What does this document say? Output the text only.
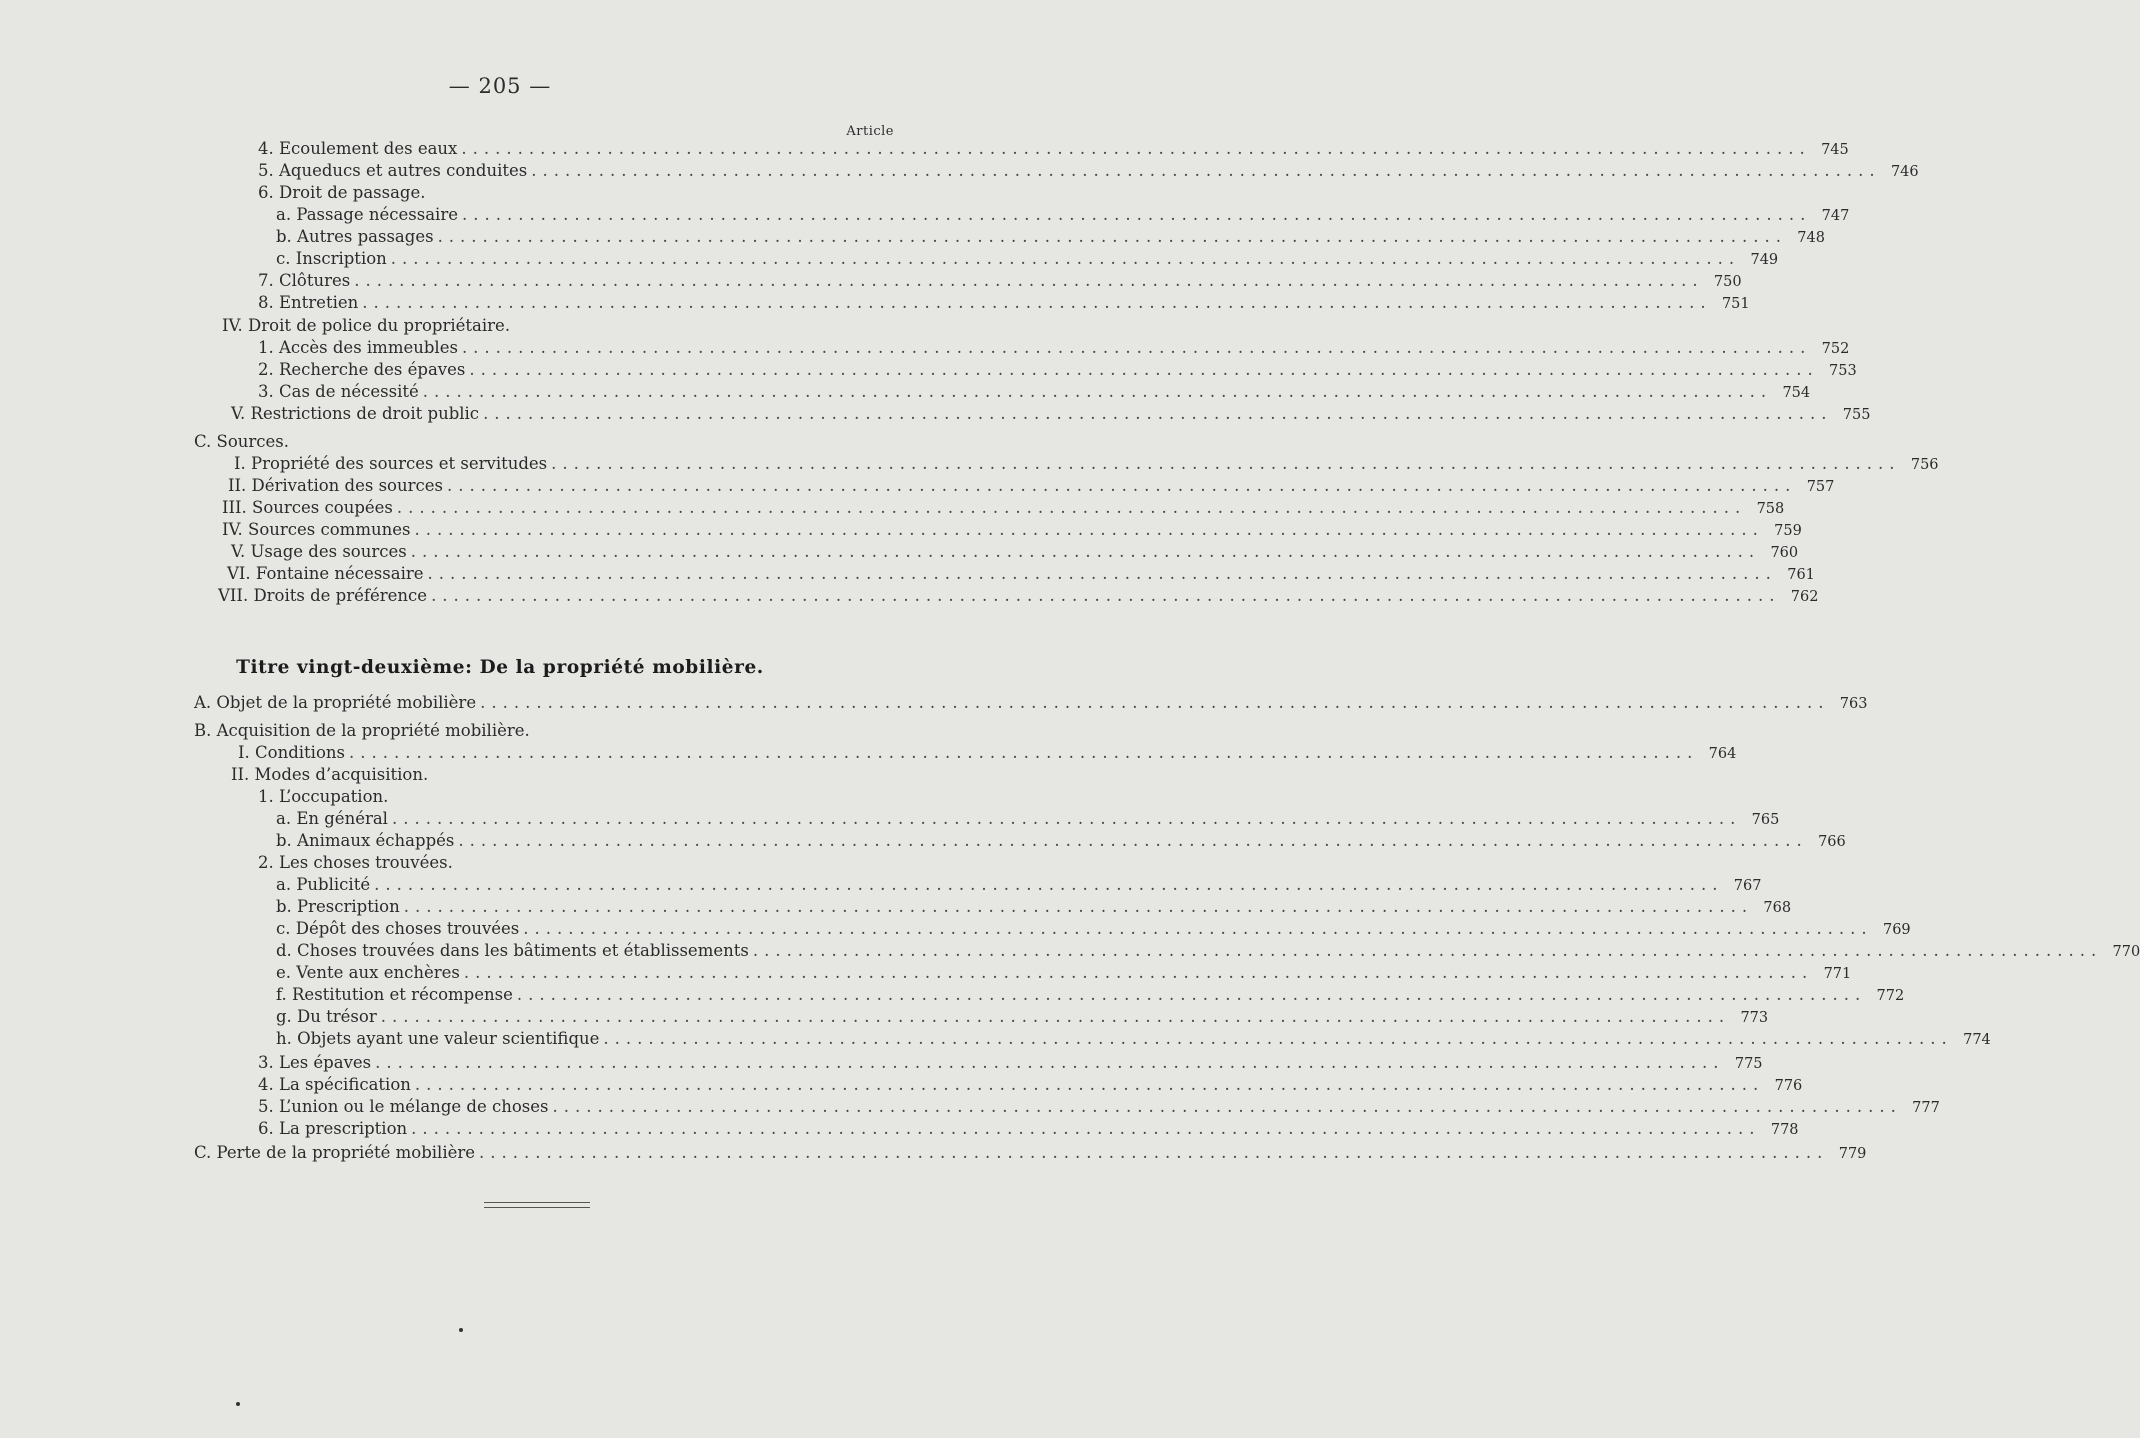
— 205 —
Article
4. Ecoulement des eaux ........................................................................................................................ 745
5. Aqueducs et autres conduites ........................................................................................................................ 746
6. Droit de passage.
a. Passage nécessaire ........................................................................................................................ 747
b. Autres passages ........................................................................................................................ 748
c. Inscription ........................................................................................................................ 749
7. Clôtures ........................................................................................................................ 750
8. Entretien ........................................................................................................................ 751
IV. Droit de police du propriétaire.
1. Accès des immeubles ........................................................................................................................ 752
2. Recherche des épaves ........................................................................................................................ 753
3. Cas de nécessité ........................................................................................................................ 754
V. Restrictions de droit public ........................................................................................................................ 755
C. Sources.
I. Propriété des sources et servitudes ........................................................................................................................ 756
II. Dérivation des sources ........................................................................................................................ 757
III. Sources coupées ........................................................................................................................ 758
IV. Sources communes ........................................................................................................................ 759
V. Usage des sources ........................................................................................................................ 760
VI. Fontaine nécessaire ........................................................................................................................ 761
VII. Droits de préférence ........................................................................................................................ 762
A. Objet de la propriété mobilière ........................................................................................................................ 763
B. Acquisition de la propriété mobilière.
I. Conditions ........................................................................................................................ 764
II. Modes d’acquisition.
1. L’occupation.
a. En général ........................................................................................................................ 765
b. Animaux échappés ........................................................................................................................ 766
2. Les choses trouvées.
a. Publicité ........................................................................................................................ 767
b. Prescription ........................................................................................................................ 768
c. Dépôt des choses trouvées ........................................................................................................................ 769
d. Choses trouvées dans les bâtiments et établissements ........................................................................................................................ 770
e. Vente aux enchères ........................................................................................................................ 771
f. Restitution et récompense ........................................................................................................................ 772
g. Du trésor ........................................................................................................................ 773
h. Objets ayant une valeur scientifique ........................................................................................................................ 774
3. Les épaves ........................................................................................................................ 775
4. La spécification ........................................................................................................................ 776
5. L’union ou le mélange de choses ........................................................................................................................ 777
6. La prescription ........................................................................................................................ 778
C. Perte de la propriété mobilière ........................................................................................................................ 779
Titre vingt-deuxième: De la propriété mobilière.
